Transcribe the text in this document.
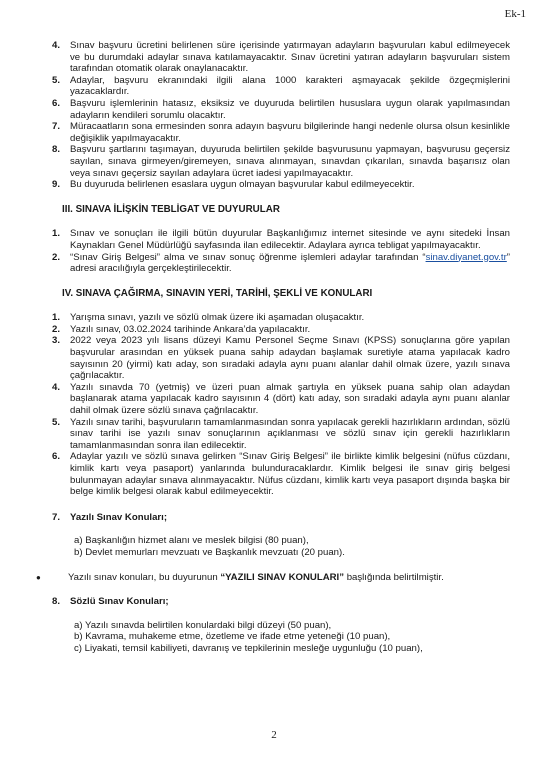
Ek-1
4.	Sınav başvuru ücretini belirlenen süre içerisinde yatırmayan adayların başvuruları kabul edilmeyecek ve bu durumdaki adaylar sınava katılamayacaktır. Sınav ücretini yatıran adayların başvuruları sistem tarafından otomatik olarak onaylanacaktır.
5.	Adaylar, başvuru ekranındaki ilgili alana 1000 karakteri aşmayacak şekilde özgeçmişlerini yazacaklardır.
6.	Başvuru işlemlerinin hatasız, eksiksiz ve duyuruda belirtilen hususlara uygun olarak yapılmasından adayların kendileri sorumlu olacaktır.
7.	Müracaatların sona ermesinden sonra adayın başvuru bilgilerinde hangi nedenle olursa olsun kesinlikle değişiklik yapılmayacaktır.
8.	Başvuru şartlarını taşımayan, duyuruda belirtilen şekilde başvurusunu yapmayan, başvurusu geçersiz sayılan, sınava girmeyen/giremeyen, sınava alınmayan, sınavdan çıkarılan, sınavda başarısız olan veya sınavı geçersiz sayılan adaylara ücret iadesi yapılmayacaktır.
9.	Bu duyuruda belirlenen esaslara uygun olmayan başvurular kabul edilmeyecektir.
III. SINAVA İLİŞKİN TEBLİGAT VE DUYURULAR
1.	Sınav ve sonuçları ile ilgili bütün duyurular Başkanlığımız internet sitesinde ve aynı sitedeki İnsan Kaynakları Genel Müdürlüğü sayfasında ilan edilecektir. Adaylara ayrıca tebligat yapılmayacaktır.
2.	“Sınav Giriş Belgesi” alma ve sınav sonuç öğrenme işlemleri adaylar tarafından “sinav.diyanet.gov.tr” adresi aracılığıyla gerçekleştirilecektir.
IV. SINAVA ÇAĞIRMA, SINAVIN YERİ, TARİHİ, ŞEKLİ VE KONULARI
1.	Yarışma sınavı, yazılı ve sözlü olmak üzere iki aşamadan oluşacaktır.
2.	Yazılı sınav, 03.02.2024 tarihinde Ankara’da yapılacaktır.
3.	2022 veya 2023 yılı lisans düzeyi Kamu Personel Seçme Sınavı (KPSS) sonuçlarına göre yapılan başvurular arasından en yüksek puana sahip adaydan başlamak suretiyle atama yapılacak kadro sayısının 20 (yirmi) katı aday, son sıradaki adayla aynı puanı alanlar dahil olmak üzere, yazılı sınava çağrılacaktır.
4.	Yazılı sınavda 70 (yetmiş) ve üzeri puan almak şartıyla en yüksek puana sahip olan adaydan başlanarak atama yapılacak kadro sayısının 4 (dört) katı aday, son sıradaki adayla aynı puanı alanlar dahil olmak üzere sözlü sınava çağrılacaktır.
5.	Yazılı sınav tarihi, başvuruların tamamlanmasından sonra yapılacak gerekli hazırlıkların ardından, sözlü sınav tarihi ise yazılı sınav sonuçlarının açıklanması ve sözlü sınav için gerekli hazırlıkların tamamlanmasından sonra ilan edilecektir.
6.	Adaylar yazılı ve sözlü sınava gelirken “Sınav Giriş Belgesi” ile birlikte kimlik belgesini (nüfus cüzdanı, kimlik kartı veya pasaport) yanlarında bulunduracaklardır. Kimlik belgesi ile sınav giriş belgesi bulunmayan adaylar sınava alınmayacaktır. Nüfus cüzdanı, kimlik kartı veya pasaport dışında başka bir belge kimlik belgesi olarak kabul edilmeyecektir.
7.	Yazılı Sınav Konuları;
a) Başkanlığın hizmet alanı ve meslek bilgisi (80 puan),
b) Devlet memurları mevzuatı ve Başkanlık mevzuatı (20 puan).
●	Yazılı sınav konuları, bu duyurunun “YAZILI SINAV KONULARI” başlığında belirtilmiştir.
8.	Sözlü Sınav Konuları;
a) Yazılı sınavda belirtilen konulardaki bilgi düzeyi (50 puan),
b) Kavrama, muhakeme etme, özetleme ve ifade etme yeteneği (10 puan),
c) Liyakati, temsil kabiliyeti, davranış ve tepkilerinin mesleğe uygunluğu (10 puan),
2
